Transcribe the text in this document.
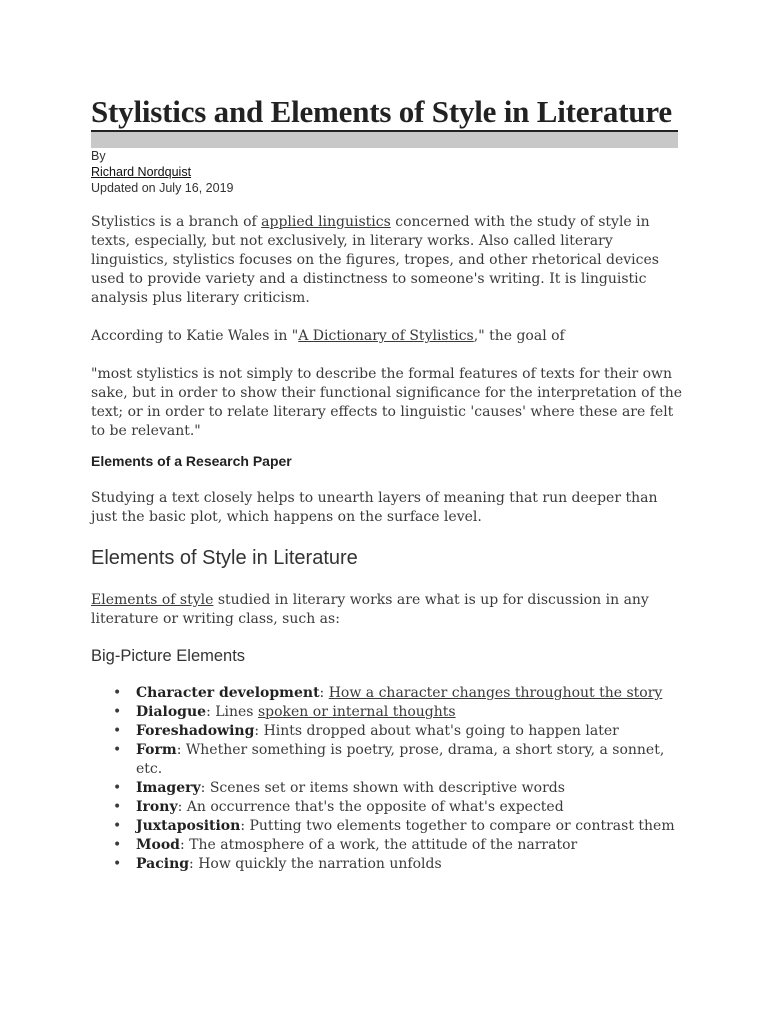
Stylistics and Elements of Style in Literature
By
Richard Nordquist
Updated on July 16, 2019

Stylistics is a branch of applied linguistics concerned with the study of style in texts, especially, but not exclusively, in literary works. Also called literary linguistics, stylistics focuses on the figures, tropes, and other rhetorical devices used to provide variety and a distinctness to someone's writing. It is linguistic analysis plus literary criticism.

According to Katie Wales in "A Dictionary of Stylistics," the goal of

"most stylistics is not simply to describe the formal features of texts for their own sake, but in order to show their functional significance for the interpretation of the text; or in order to relate literary effects to linguistic 'causes' where these are felt to be relevant."

Elements of a Research Paper

Studying a text closely helps to unearth layers of meaning that run deeper than just the basic plot, which happens on the surface level.

Elements of Style in Literature

Elements of style studied in literary works are what is up for discussion in any literature or writing class, such as:

Big-Picture Elements
• Character development: How a character changes throughout the story
• Dialogue: Lines spoken or internal thoughts
• Foreshadowing: Hints dropped about what's going to happen later
• Form: Whether something is poetry, prose, drama, a short story, a sonnet, etc.
• Imagery: Scenes set or items shown with descriptive words
• Irony: An occurrence that's the opposite of what's expected
• Juxtaposition: Putting two elements together to compare or contrast them
• Mood: The atmosphere of a work, the attitude of the narrator
• Pacing: How quickly the narration unfolds
